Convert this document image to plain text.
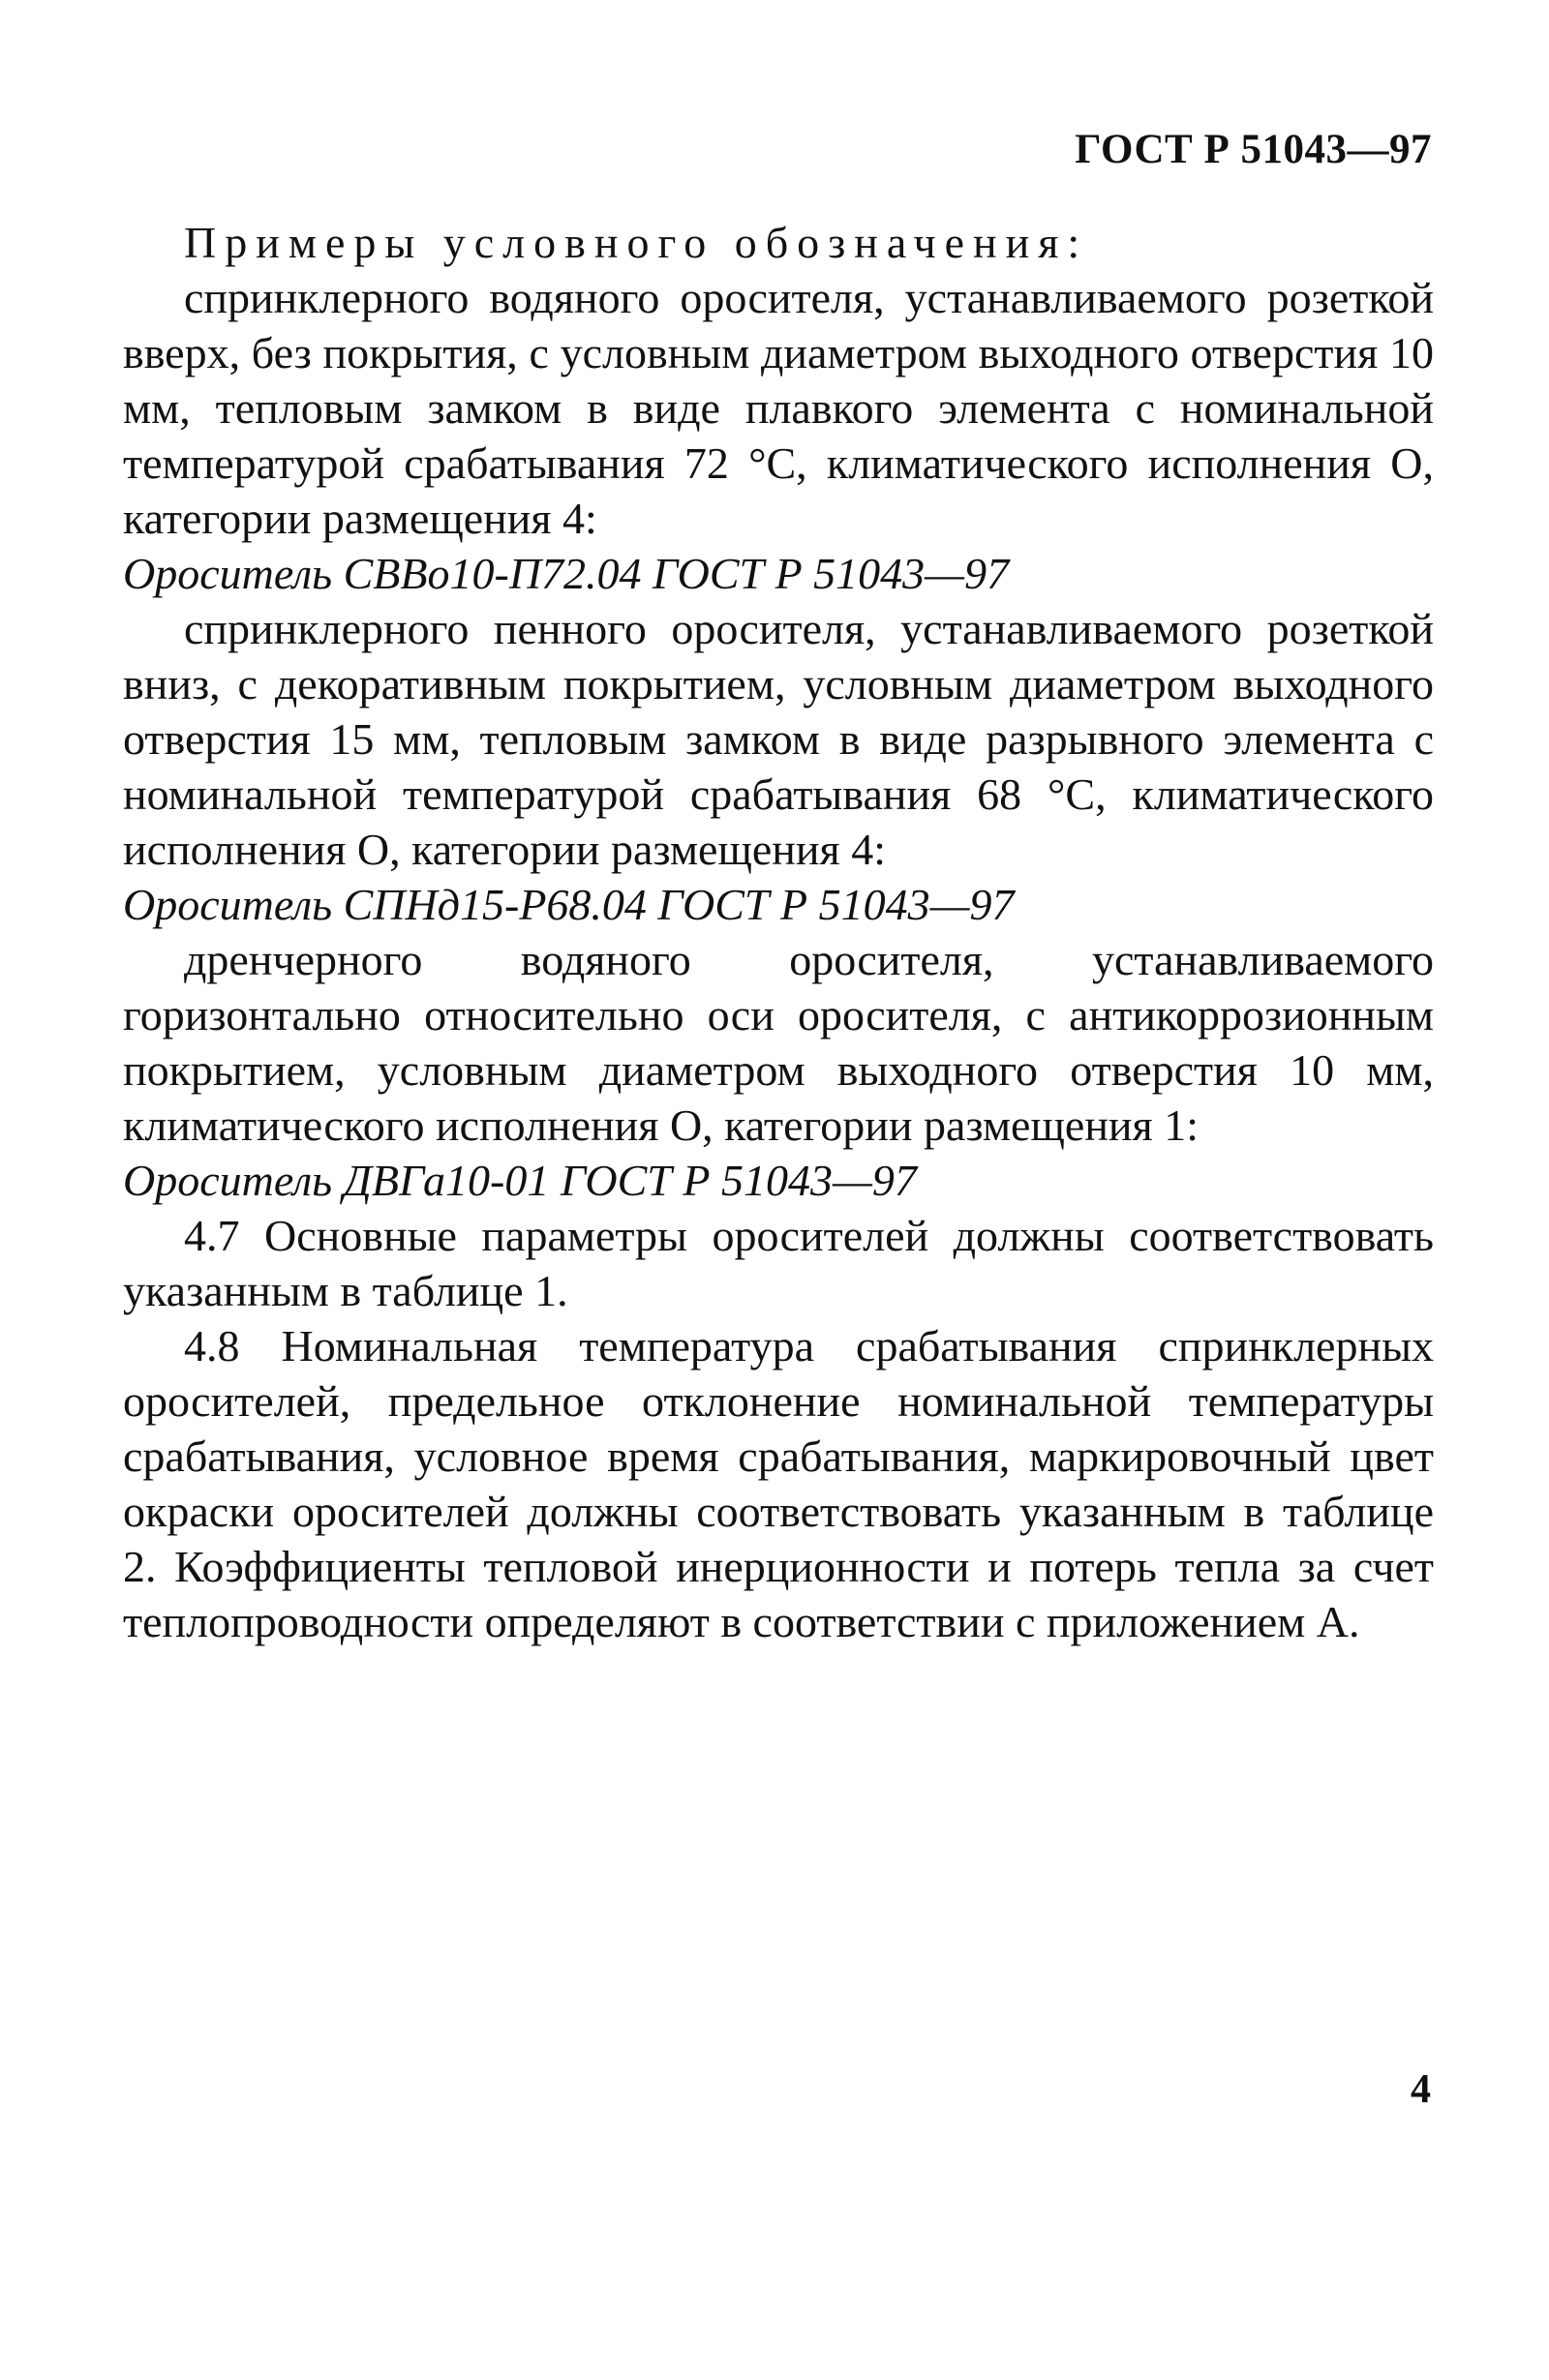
ГОСТ Р 51043—97

Примеры условного обозначения:

спринклерного водяного оросителя, устанавливаемого розеткой вверх, без покрытия, с условным диаметром выходного отверстия 10 мм, тепловым замком в виде плавкого элемента с номинальной температурой срабатывания 72 °С, климатического исполнения О, категории размещения 4:

Ороситель СВВо10-П72.04 ГОСТ Р 51043—97

спринклерного пенного оросителя, устанавливаемого розеткой вниз, с декоративным покрытием, условным диаметром выходного отверстия 15 мм, тепловым замком в виде разрывного элемента с номинальной температурой срабатывания 68 °С, климатического исполнения О, категории размещения 4:

Ороситель СПНд15-Р68.04 ГОСТ Р 51043—97

дренчерного водяного оросителя, устанавливаемого горизонтально относительно оси оросителя, с антикоррозионным покрытием, условным диаметром выходного отверстия 10 мм, климатического исполнения О, категории размещения 1:

Ороситель ДВГа10-01 ГОСТ Р 51043—97

4.7 Основные параметры оросителей должны соответствовать указанным в таблице 1.

4.8 Номинальная температура срабатывания спринклерных оросителей, предельное отклонение номинальной температуры срабатывания, условное время срабатывания, маркировочный цвет окраски оросителей должны соответствовать указанным в таблице 2. Коэффициенты тепловой инерционности и потерь тепла за счет теплопроводности определяют в соответствии с приложением А.

4
